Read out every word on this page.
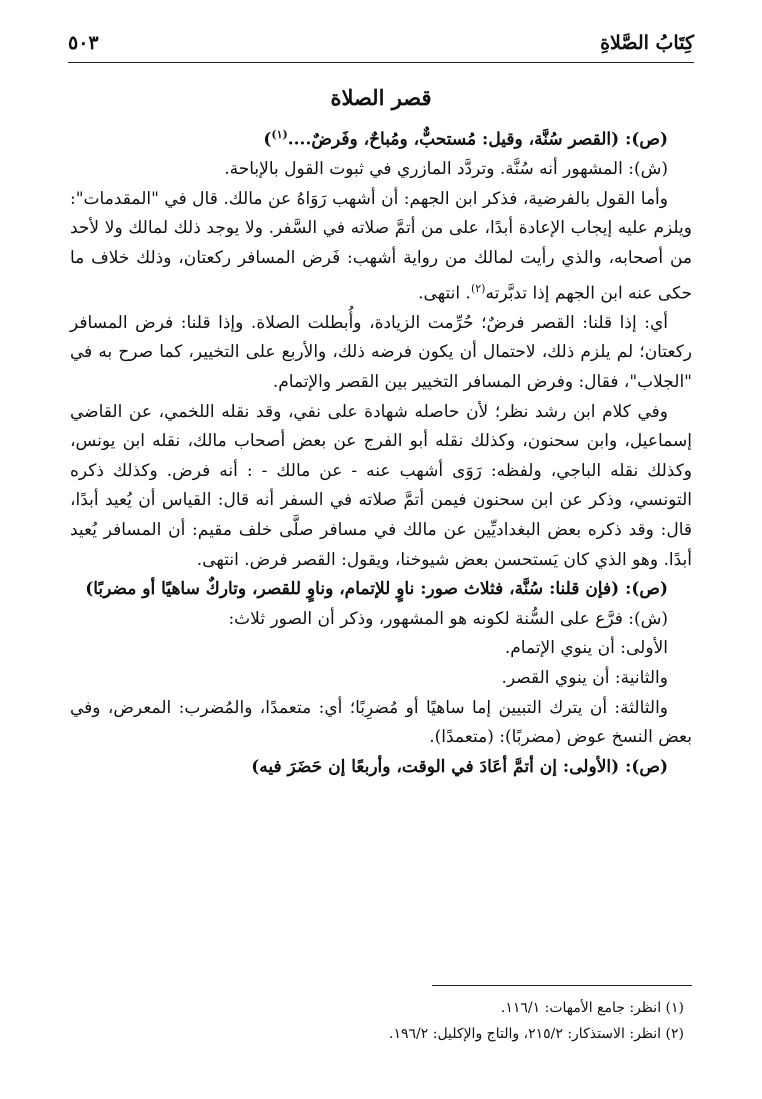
كِتَابُ الصَّلاةِ
٥٠٣
قصر الصلاة

(ص): (القصر سُنَّة، وقيل: مُستحبٌّ، ومُباحٌ، وفَرضٌ....$^{(١)}$)

(ش): المشهور أنه سُنَّة. وتردَّد المازري في ثبوت القول بالإباحة.

وأما القول بالفرضية، فذكر ابن الجهم: أن أشهب رَوَاهُ عن مالك. قال في "المقدمات": ويلزم عليه إيجاب الإعادة أبدًا، على من أتمَّ صلاته في السَّفر. ولا يوجد ذلك لمالك ولا لأحد من أصحابه، والذي رأيت لمالك من رواية أشهب: فَرض المسافر ركعتان، وذلك خلاف ما حكى عنه ابن الجهم إذا تدبَّرته$^{(٢)}$. انتهى.

أي: إذا قلنا: القصر فرضٌ؛ حُرِّمت الزيادة، وأُبطلت الصلاة. وإذا قلنا: فرض المسافر ركعتان؛ لم يلزم ذلك، لاحتمال أن يكون فرضه ذلك، والأربع على التخيير، كما صرح به في "الجلاب"، فقال: وفرض المسافر التخيير بين القصر والإتمام.

وفي كلام ابن رشد نظر؛ لأن حاصله شهادة على نفي، وقد نقله اللخمي، عن القاضي إسماعيل، وابن سحنون، وكذلك نقله أبو الفرج عن بعض أصحاب مالك، نقله ابن يونس، وكذلك نقله الباجي، ولفظه: رَوَى أشهب عنه - عن مالك - : أنه فرض. وكذلك ذكره التونسي، وذكر عن ابن سحنون فيمن أتمَّ صلاته في السفر أنه قال: القياس أن يُعيد أبدًا، قال: وقد ذكره بعض البغداديِّين عن مالك في مسافر صلَّى خلف مقيم: أن المسافر يُعيد أبدًا. وهو الذي كان يَستحسن بعض شيوخنا، ويقول: القصر فرض. انتهى.

(ص): (فإن قلنا: سُنَّة، فثلاث صور: ناوٍ للإتمام، وناوٍ للقصر، وتاركٌ ساهيًا أو مضربًا)

(ش): فرَّع على السُّنة لكونه هو المشهور، وذكر أن الصور ثلاث:

الأولى: أن ينوي الإتمام.

والثانية: أن ينوي القصر.

والثالثة: أن يترك التبيين إما ساهيًا أو مُضرِبًا؛ أي: متعمدًا، والمُضرب: المعرض، وفي بعض النسخ عوض (مضربًا): (متعمدًا).

(ص): (الأولى: إن أتمَّ أعَادَ في الوقت، وأربعًا إن حَضَرَ فيه)

(١) انظر: جامع الأمهات: ١١٦/١.

(٢) انظر: الاستذكار: ٢١٥/٢، والتاج والإكليل: ١٩٦/٢.
